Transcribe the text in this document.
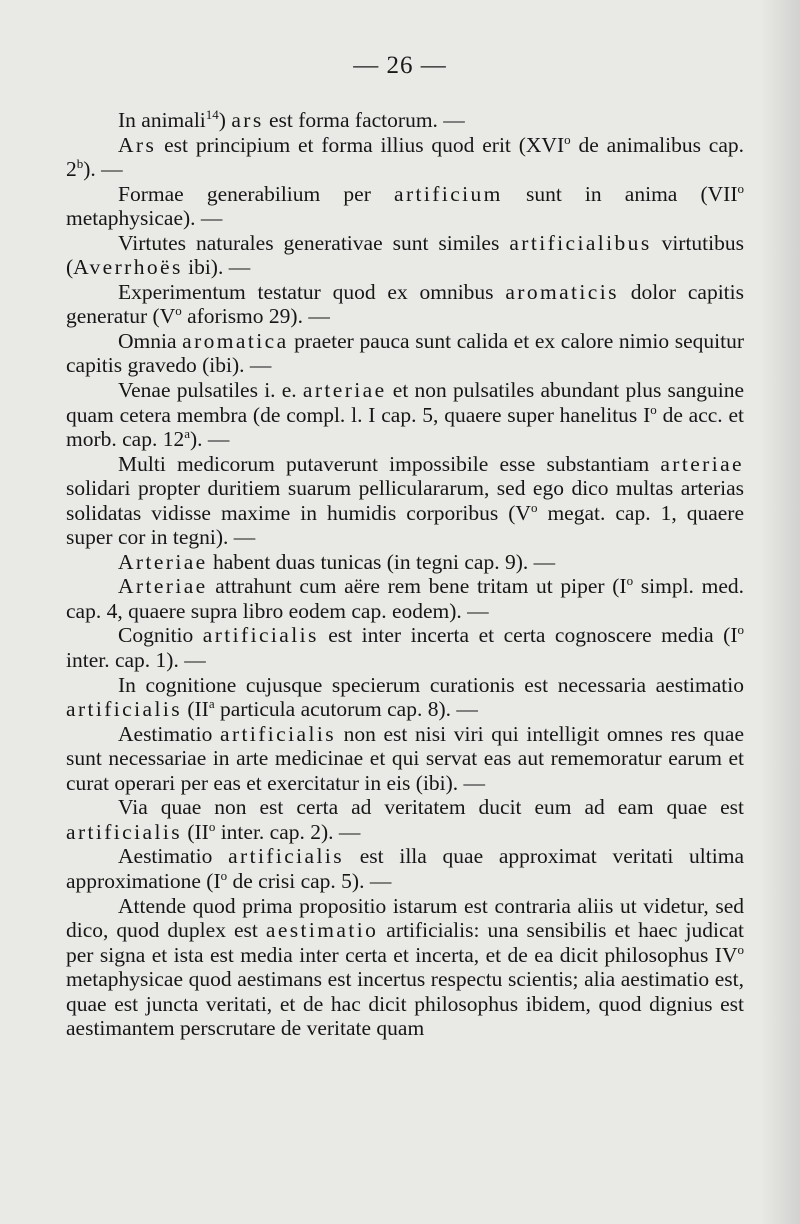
— 26 —

In animali$^{14}$) ars est forma factorum. —

Ars est principium et forma illius quod erit (XVI$^o$ de animalibus cap. 2$^b$). —

Formae generabilium per artificium sunt in anima (VII$^o$ metaphysicae). —

Virtutes naturales generativae sunt similes artificialibus virtutibus (Averrhoës ibi). —

Experimentum testatur quod ex omnibus aromaticis dolor capitis generatur ($V^o$ aforismo 29). —

Omnia aromatica praeter pauca sunt calida et ex calore nimio sequitur capitis gravedo (ibi). —

Venae pulsatiles i. e. arteriae et non pulsatiles abundant plus sanguine quam cetera membra (de compl. l. I cap. 5, quaere super hanelitus $I^o$ de acc. et morb. cap. 12$^a$). —

Multi medicorum putaverunt impossibile esse substantiam arteriae solidari propter duritiem suarum pelliculararum, sed ego dico multas arterias solidatas vidisse maxime in humidis corporibus ($V^o$ megat. cap. 1, quaere super cor in tegni). —

Arteriae habent duas tunicas (in tegni cap. 9). —

Arteriae attrahunt cum aëre rem bene tritam ut piper ($I^o$ simpl. med. cap. 4, quaere supra libro eodem cap. eodem). —

Cognitio artificialis est inter incerta et certa cognoscere media ($I^o$ inter. cap. 1). —

In cognitione cujusque specierum curationis est necessaria aestimatio artificialis ($II^a$ particula acutorum cap. 8). —

Aestimatio artificialis non est nisi viri qui intelligit omnes res quae sunt necessariae in arte medicinae et qui servat eas aut rememoratur earum et curat operari per eas et exercitatur in eis (ibi). —

Via quae non est certa ad veritatem ducit eum ad eam quae est artificialis ($II^o$ inter. cap. 2). —

Aestimatio artificialis est illa quae approximat veritati ultima approximatione ($I^o$ de crisi cap. 5). —

Attende quod prima propositio istarum est contraria aliis ut videtur, sed dico, quod duplex est aestimatio artificialis: una sensibilis et haec judicat per signa et ista est media inter certa et incerta, et de ea dicit philosophus $IV^o$ metaphysicae quod aestimans est incertus respectu scientis; alia aestimatio est, quae est juncta veritati, et de hac dicit philosophus ibidem, quod dignius est aestimantem perscrutare de veritate quam
